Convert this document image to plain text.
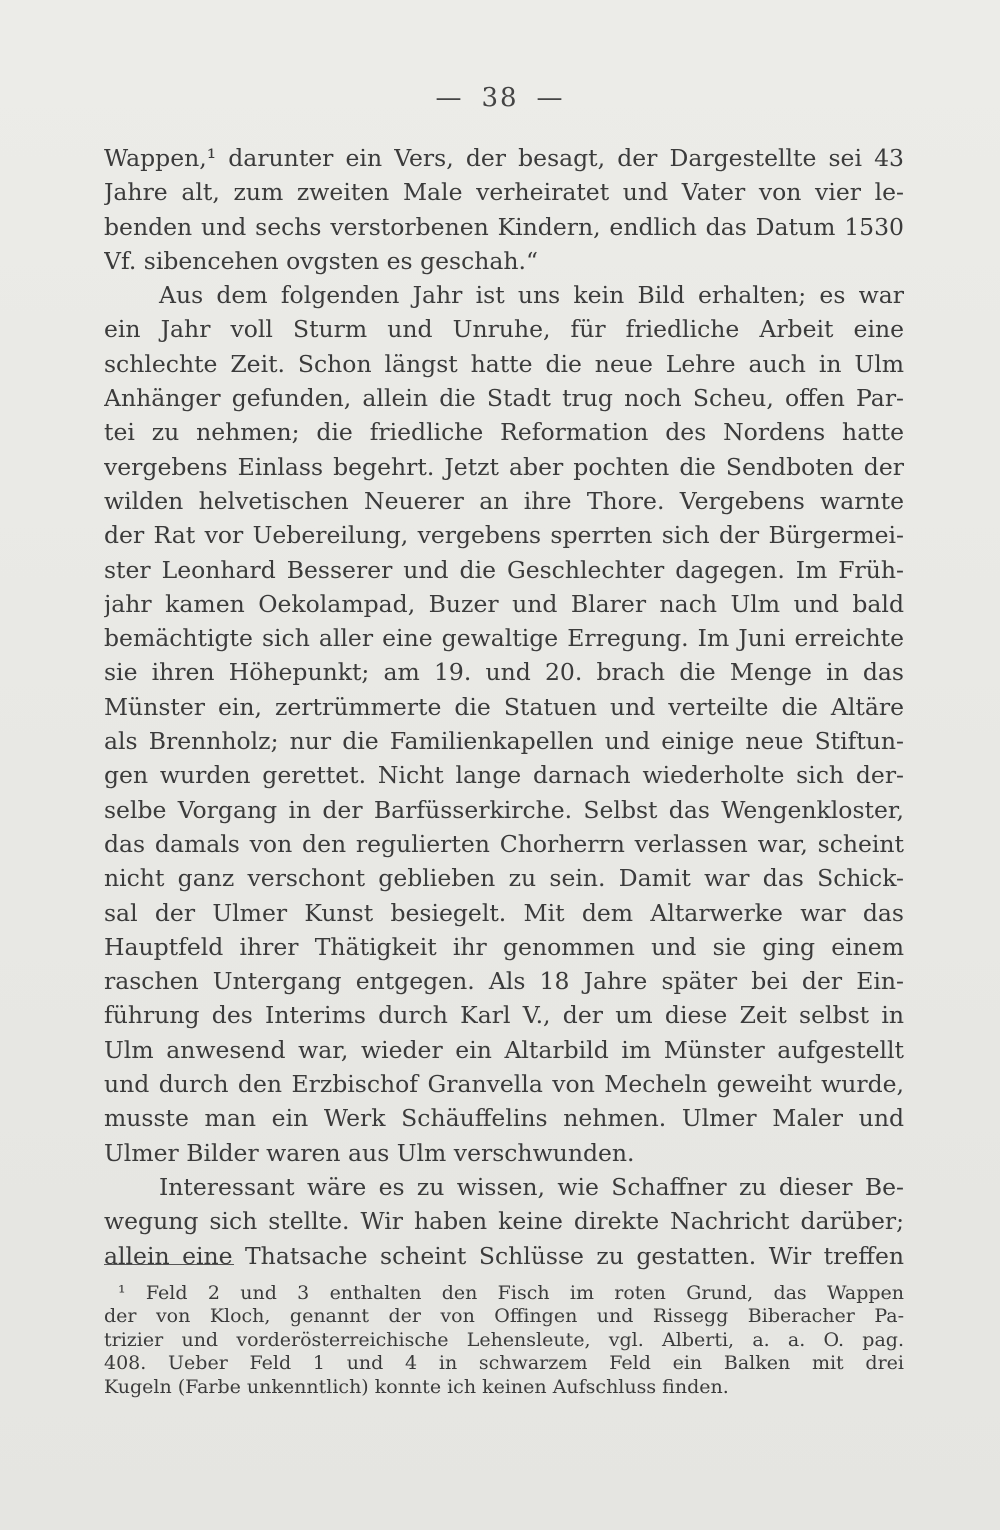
— 38 —
Wappen,¹ darunter ein Vers, der besagt, der Dargestellte sei 43
Jahre alt, zum zweiten Male verheiratet und Vater von vier le-
benden und sechs verstorbenen Kindern, endlich das Datum 1530
Vf. sibencehen ovgsten es geschah.“
Aus dem folgenden Jahr ist uns kein Bild erhalten; es war
ein Jahr voll Sturm und Unruhe, für friedliche Arbeit eine
schlechte Zeit. Schon längst hatte die neue Lehre auch in Ulm
Anhänger gefunden, allein die Stadt trug noch Scheu, offen Par-
tei zu nehmen; die friedliche Reformation des Nordens hatte
vergebens Einlass begehrt. Jetzt aber pochten die Sendboten der
wilden helvetischen Neuerer an ihre Thore. Vergebens warnte
der Rat vor Uebereilung, vergebens sperrten sich der Bürgermei-
ster Leonhard Besserer und die Geschlechter dagegen. Im Früh-
jahr kamen Oekolampad, Buzer und Blarer nach Ulm und bald
bemächtigte sich aller eine gewaltige Erregung. Im Juni erreichte
sie ihren Höhepunkt; am 19. und 20. brach die Menge in das
Münster ein, zertrümmerte die Statuen und verteilte die Altäre
als Brennholz; nur die Familienkapellen und einige neue Stiftun-
gen wurden gerettet. Nicht lange darnach wiederholte sich der-
selbe Vorgang in der Barfüsserkirche. Selbst das Wengenkloster,
das damals von den regulierten Chorherrn verlassen war, scheint
nicht ganz verschont geblieben zu sein. Damit war das Schick-
sal der Ulmer Kunst besiegelt. Mit dem Altarwerke war das
Hauptfeld ihrer Thätigkeit ihr genommen und sie ging einem
raschen Untergang entgegen. Als 18 Jahre später bei der Ein-
führung des Interims durch Karl V., der um diese Zeit selbst in
Ulm anwesend war, wieder ein Altarbild im Münster aufgestellt
und durch den Erzbischof Granvella von Mecheln geweiht wurde,
musste man ein Werk Schäuffelins nehmen. Ulmer Maler und
Ulmer Bilder waren aus Ulm verschwunden.
Interessant wäre es zu wissen, wie Schaffner zu dieser Be-
wegung sich stellte. Wir haben keine direkte Nachricht darüber;
allein eine Thatsache scheint Schlüsse zu gestatten. Wir treffen
¹ Feld 2 und 3 enthalten den Fisch im roten Grund, das Wappen
der von Kloch, genannt der von Offingen und Rissegg Biberacher Pa-
trizier und vorderösterreichische Lehensleute, vgl. Alberti, a. a. O. pag.
408. Ueber Feld 1 und 4 in schwarzem Feld ein Balken mit drei
Kugeln (Farbe unkenntlich) konnte ich keinen Aufschluss finden.
